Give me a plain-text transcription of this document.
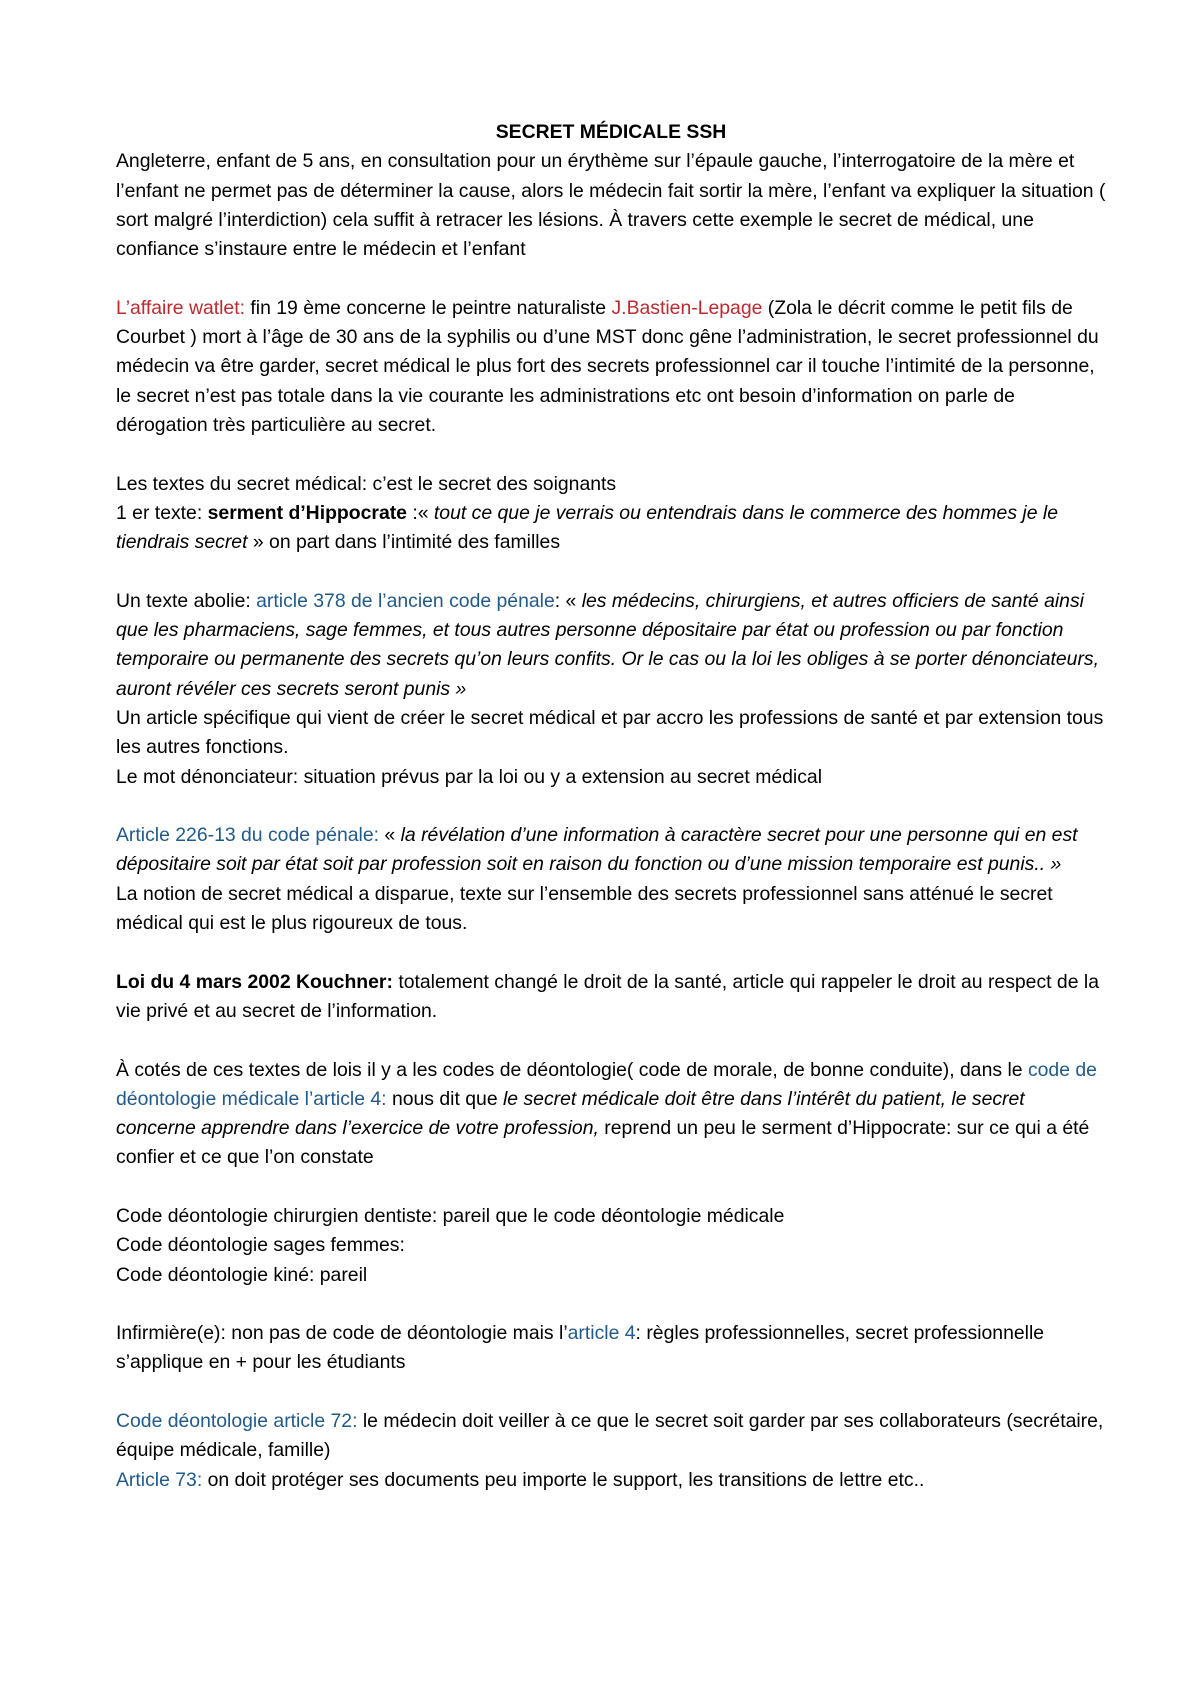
SECRET MÉDICALE SSH

Angleterre, enfant de 5 ans, en consultation pour un érythème sur l’épaule gauche, l’interrogatoire de la mère et l’enfant ne permet pas de déterminer la cause, alors le médecin fait sortir la mère, l’enfant va expliquer la situation ( sort malgré l’interdiction) cela suffit à retracer les lésions. À travers cette exemple le secret de médical, une confiance s’instaure entre le médecin et l’enfant

L’affaire watlet: fin 19 ème concerne le peintre naturaliste J.Bastien-Lepage (Zola le décrit comme le petit fils de Courbet ) mort à l’âge de 30 ans de la syphilis ou d’une MST donc gêne l’administration, le secret professionnel du médecin va être garder, secret médical le plus fort des secrets professionnel car il touche l’intimité de la personne, le secret n’est pas totale dans la vie courante les administrations etc ont besoin d’information on parle de dérogation très particulière au secret.

Les textes du secret médical: c’est le secret des soignants

1 er texte: serment d’Hippocrate :« tout ce que je verrais ou entendrais dans le commerce des hommes je le tiendrais secret » on part dans l’intimité des familles

Un texte abolie: article 378 de l’ancien code pénale: « les médecins, chirurgiens, et autres officiers de santé ainsi que les pharmaciens, sage femmes, et tous autres personne dépositaire par état ou profession ou par fonction temporaire ou permanente des secrets qu’on leurs confits. Or le cas ou la loi les obliges à se porter dénonciateurs, auront révéler ces secrets seront punis »

Un article spécifique qui vient de créer le secret médical et par accro les professions de santé et par extension tous les autres fonctions.

Le mot dénonciateur: situation prévus par la loi ou y a extension au secret médical

Article 226-13 du code pénale: « la révélation d’une information à caractère secret pour une personne qui en est dépositaire soit par état soit par profession soit en raison du fonction ou d’une mission temporaire est punis.. »

La notion de secret médical a disparue, texte sur l’ensemble des secrets professionnel sans atténué le secret médical qui est le plus rigoureux de tous.

Loi du 4 mars 2002 Kouchner: totalement changé le droit de la santé, article qui rappeler le droit au respect de la vie privé et au secret de l’information.

À cotés de ces textes de lois il y a les codes de déontologie( code de morale, de bonne conduite), dans le code de déontologie médicale l’article 4: nous dit que le secret médicale doit être dans l’intérêt du patient, le secret concerne apprendre dans l’exercice de votre profession, reprend un peu le serment d’Hippocrate: sur ce qui a été confier et ce que l’on constate

Code déontologie chirurgien dentiste: pareil que le code déontologie médicale

Code déontologie sages femmes:

Code déontologie kiné: pareil

Infirmière(e): non pas de code de déontologie mais l’article 4: règles professionnelles, secret professionnelle s’applique en + pour les étudiants

Code déontologie article 72: le médecin doit veiller à ce que le secret soit garder par ses collaborateurs (secrétaire, équipe médicale, famille)

Article 73: on doit protéger ses documents peu importe le support, les transitions de lettre etc..
